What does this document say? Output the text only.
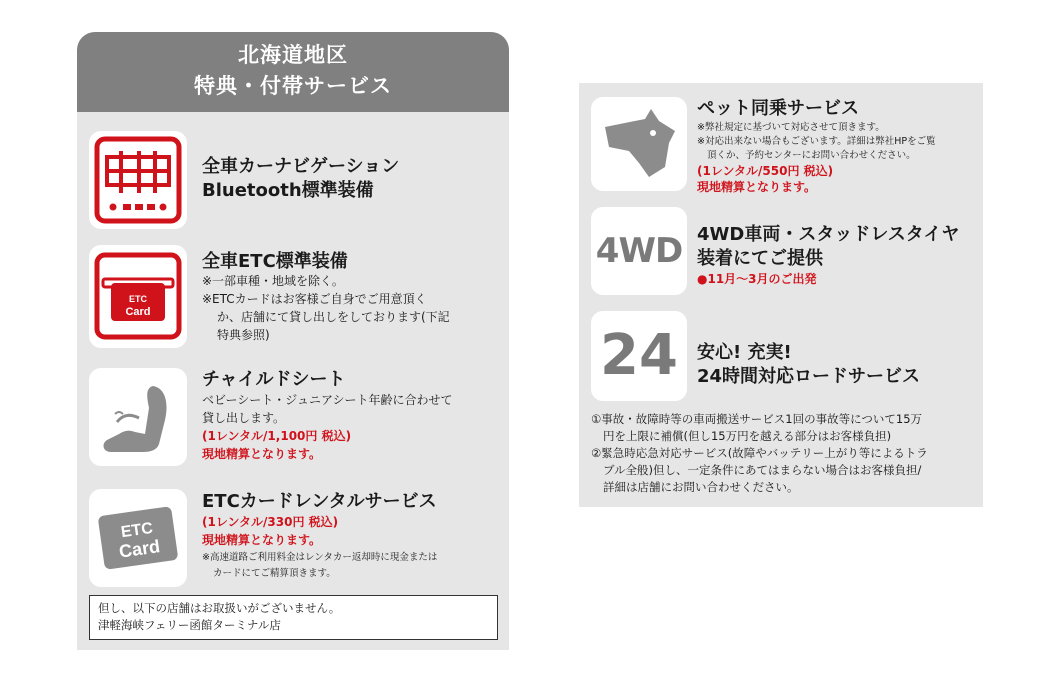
北海道地区
特典・付帯サービス
全車カーナビゲーション
Bluetooth標準装備
ETC
Card
全車ETC標準装備
※一部車種・地域を除く。
※ETCカードはお客様ご自身でご用意頂く
か、店舗にて貸し出しをしております(下記
特典参照)
チャイルドシート
ベビーシート・ジュニアシート年齢に合わせて
貸し出します。
(1レンタル/1,100円 税込)
現地精算となります。
ETC
Card
ETCカードレンタルサービス
(1レンタル/330円 税込)
現地精算となります。
※高速道路ご利用料金はレンタカー返却時に現金または
カードにてご精算頂きます。
但し、以下の店舗はお取扱いがございません。
津軽海峡フェリー函館ターミナル店
ペット同乗サービス
※弊社規定に基づいて対応させて頂きます。
※対応出来ない場合もございます。詳細は弊社HPをご覧
頂くか、予約センターにお問い合わせください。
(1レンタル/550円 税込)
現地精算となります。
4WD 4WD車両・スタッドレスタイヤ
装着にてご提供
●11月～3月のご出発
24	安心! 充実!
24時間対応ロードサービス
①事故・故障時等の車両搬送サービス1回の事故等について15万
円を上限に補償(但し15万円を越える部分はお客様負担)
②緊急時応急対応サービス(故障やバッテリー上がり等によるトラ
ブル全般)但し、一定条件にあてはまらない場合はお客様負担/
詳細は店舗にお問い合わせください。
